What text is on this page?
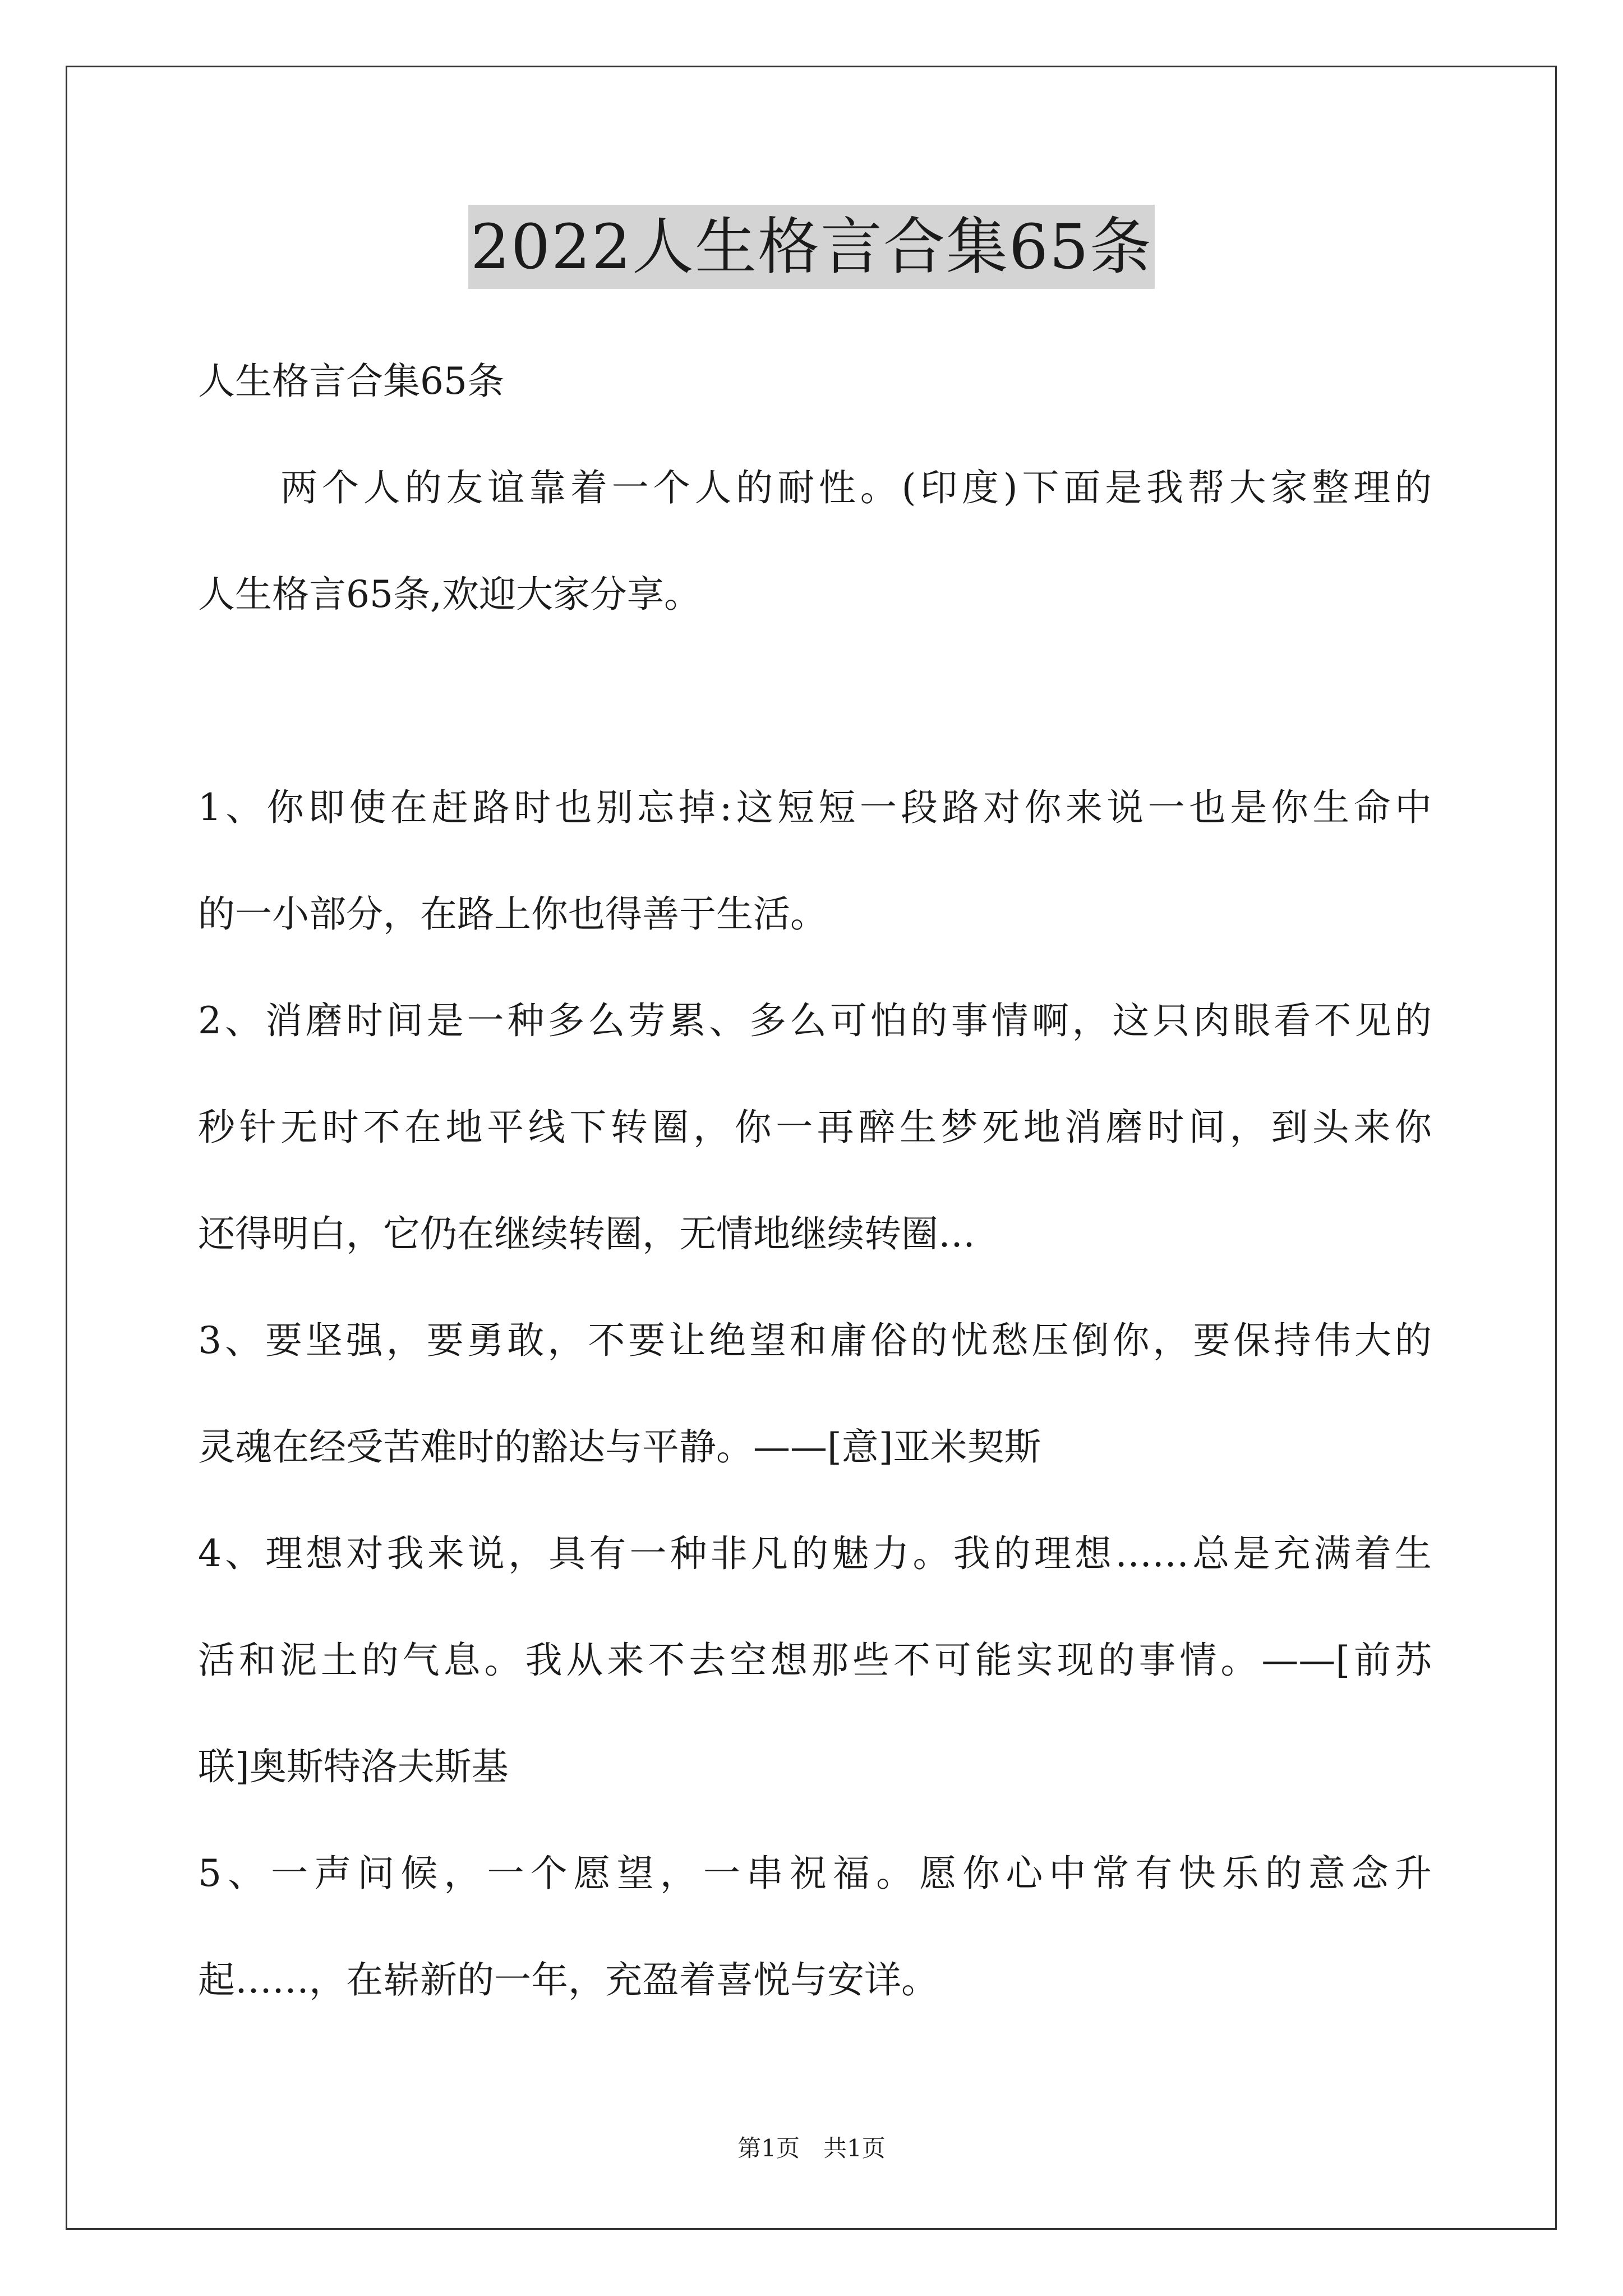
2022人生格言合集65条
人生格言合集65条
两个人的友谊靠着一个人的耐性。(印度)下面是我帮大家整理的
人生格言65条,欢迎大家分享。
1、你即使在赶路时也别忘掉:这短短一段路对你来说一也是你生命中
的一小部分，在路上你也得善于生活。
2、消磨时间是一种多么劳累、多么可怕的事情啊，这只肉眼看不见的
秒针无时不在地平线下转圈，你一再醉生梦死地消磨时间，到头来你
还得明白，它仍在继续转圈，无情地继续转圈…
3、要坚强，要勇敢，不要让绝望和庸俗的忧愁压倒你，要保持伟大的
灵魂在经受苦难时的豁达与平静。——[意]亚米契斯
4、理想对我来说，具有一种非凡的魅力。我的理想……总是充满着生
活和泥土的气息。我从来不去空想那些不可能实现的事情。——[前苏
联]奥斯特洛夫斯基
5、一声问候，一个愿望，一串祝福。愿你心中常有快乐的意念升
起……，在崭新的一年，充盈着喜悦与安详。
第1页　共1页
